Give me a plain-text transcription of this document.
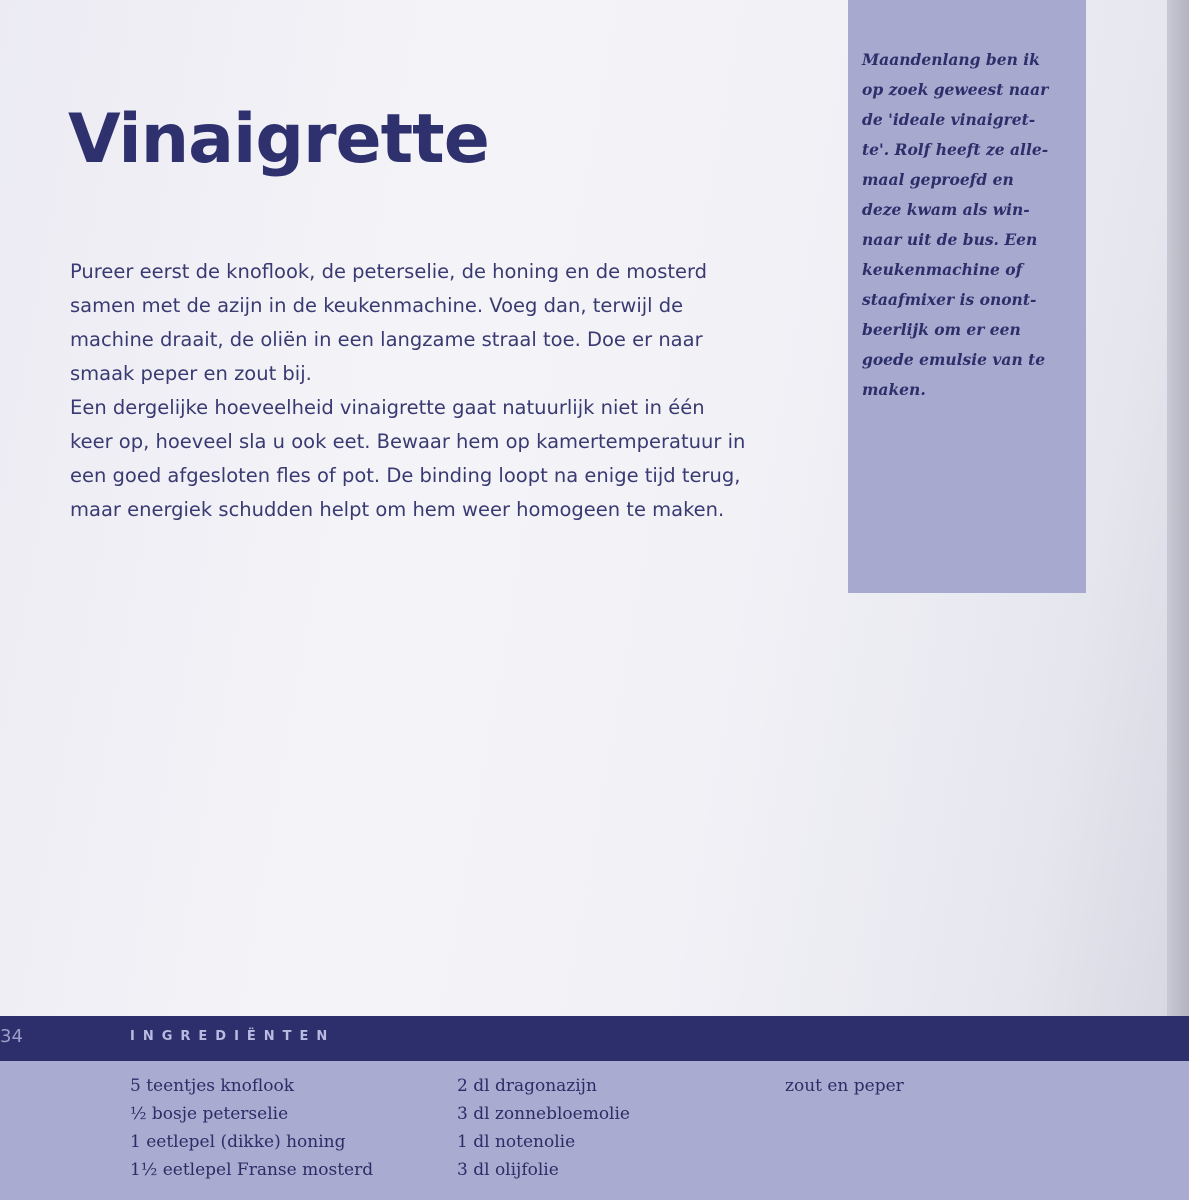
Vinaigrette

Pureer eerst de knoflook, de peterselie, de honing en de mosterd
samen met de azijn in de keukenmachine. Voeg dan, terwijl de
machine draait, de oliën in een langzame straal toe. Doe er naar
smaak peper en zout bij.

Een dergelijke hoeveelheid vinaigrette gaat natuurlijk niet in één
keer op, hoeveel sla u ook eet. Bewaar hem op kamertemperatuur in
een goed afgesloten fles of pot. De binding loopt na enige tijd terug,
maar energiek schudden helpt om hem weer homogeen te maken.

Maandenlang ben ik
op zoek geweest naar
de 'ideale vinaigret-
te'. Rolf heeft ze alle-
maal geproefd en
deze kwam als win-
naar uit de bus. Een
keukenmachine of
staafmixer is onont-
beerlijk om er een
goede emulsie van te
maken.

34	INGREDIËNTEN
5 teentjes knoflook
½ bosje peterselie
1 eetlepel (dikke) honing
1½ eetlepel Franse mosterd
2 dl dragonazijn
3 dl zonnebloemolie
1 dl notenolie
3 dl olijfolie
zout en peper
